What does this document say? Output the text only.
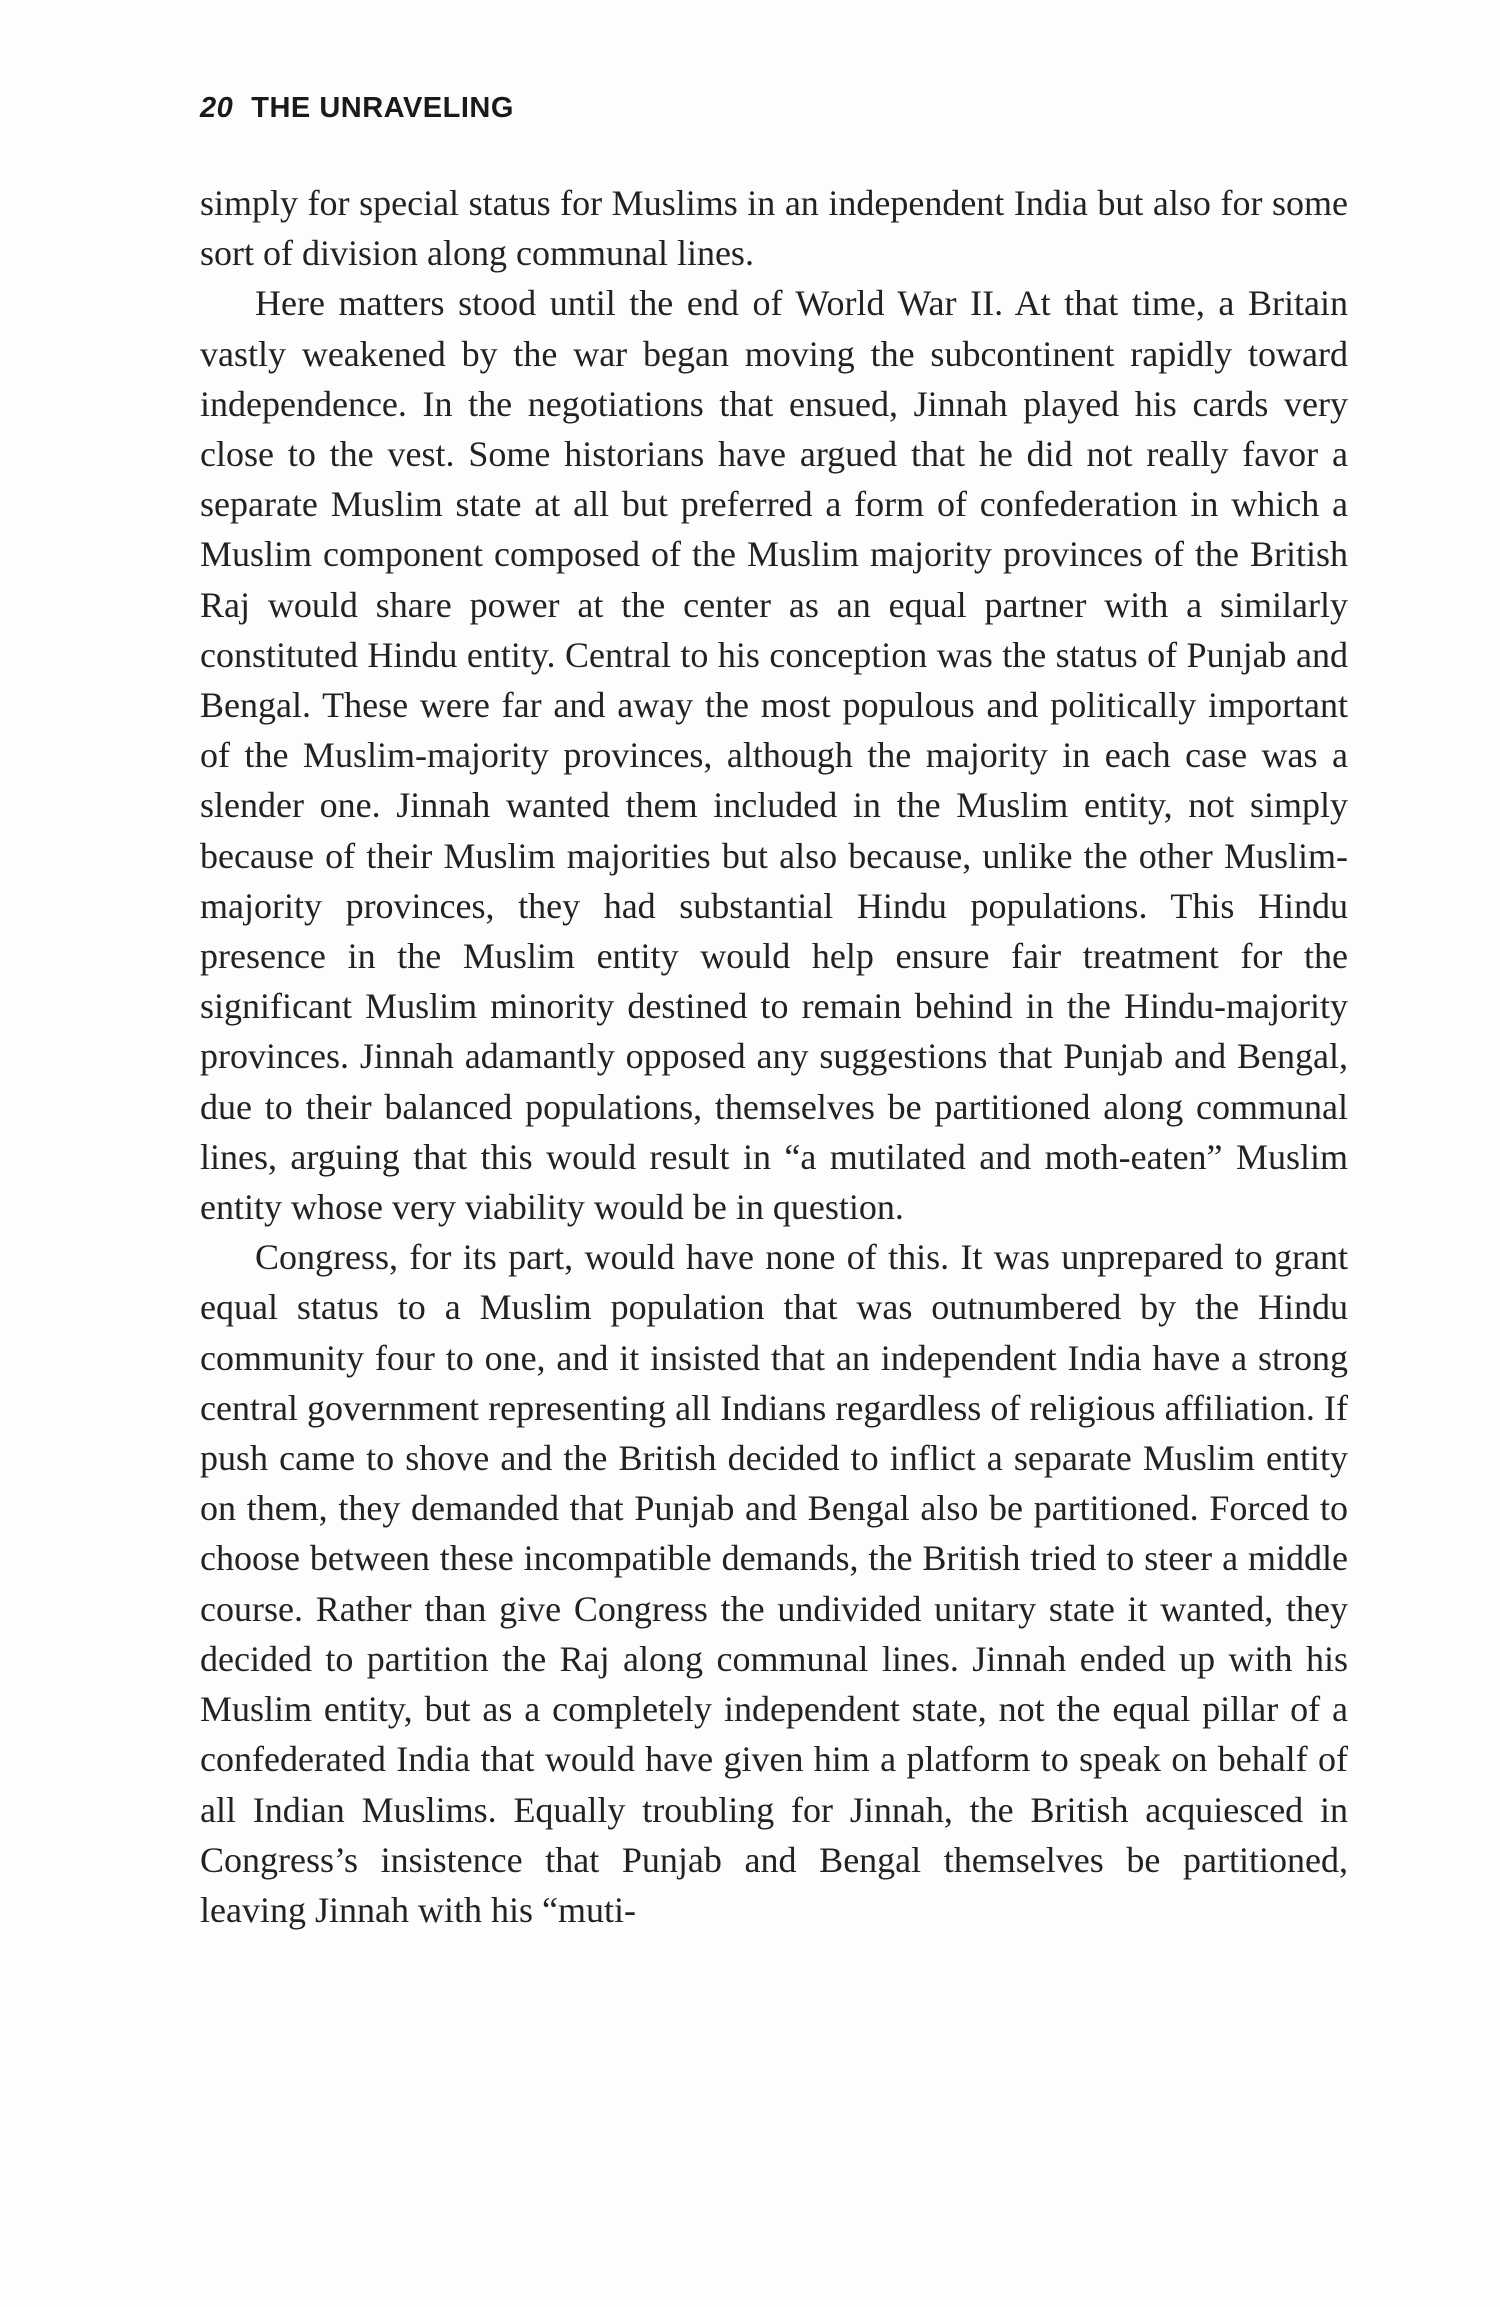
20 THE UNRAVELING

simply for special status for Muslims in an independent India but also for some sort of division along communal lines.

Here matters stood until the end of World War II. At that time, a Britain vastly weakened by the war began moving the subcontinent rapidly toward independence. In the negotiations that ensued, Jinnah played his cards very close to the vest. Some historians have argued that he did not really favor a separate Muslim state at all but preferred a form of confederation in which a Muslim component composed of the Muslim majority provinces of the British Raj would share power at the center as an equal partner with a similarly constituted Hindu entity. Central to his conception was the status of Punjab and Bengal. These were far and away the most populous and politically important of the Muslim-majority provinces, although the majority in each case was a slender one. Jinnah wanted them included in the Muslim entity, not simply because of their Muslim majorities but also because, unlike the other Muslim-majority provinces, they had substantial Hindu populations. This Hindu presence in the Muslim entity would help ensure fair treatment for the significant Muslim minority destined to remain behind in the Hindu-majority provinces. Jinnah adamantly opposed any suggestions that Punjab and Bengal, due to their balanced populations, themselves be partitioned along communal lines, arguing that this would result in “a mutilated and moth-eaten” Muslim entity whose very viability would be in question.

Congress, for its part, would have none of this. It was unprepared to grant equal status to a Muslim population that was outnumbered by the Hindu community four to one, and it insisted that an independent India have a strong central government representing all Indians regardless of religious affiliation. If push came to shove and the British decided to inflict a separate Muslim entity on them, they demanded that Punjab and Bengal also be partitioned. Forced to choose between these incompatible demands, the British tried to steer a middle course. Rather than give Congress the undivided unitary state it wanted, they decided to partition the Raj along communal lines. Jinnah ended up with his Muslim entity, but as a completely independent state, not the equal pillar of a confederated India that would have given him a platform to speak on behalf of all Indian Muslims. Equally troubling for Jinnah, the British acquiesced in Congress’s insistence that Punjab and Bengal themselves be partitioned, leaving Jinnah with his “muti-
